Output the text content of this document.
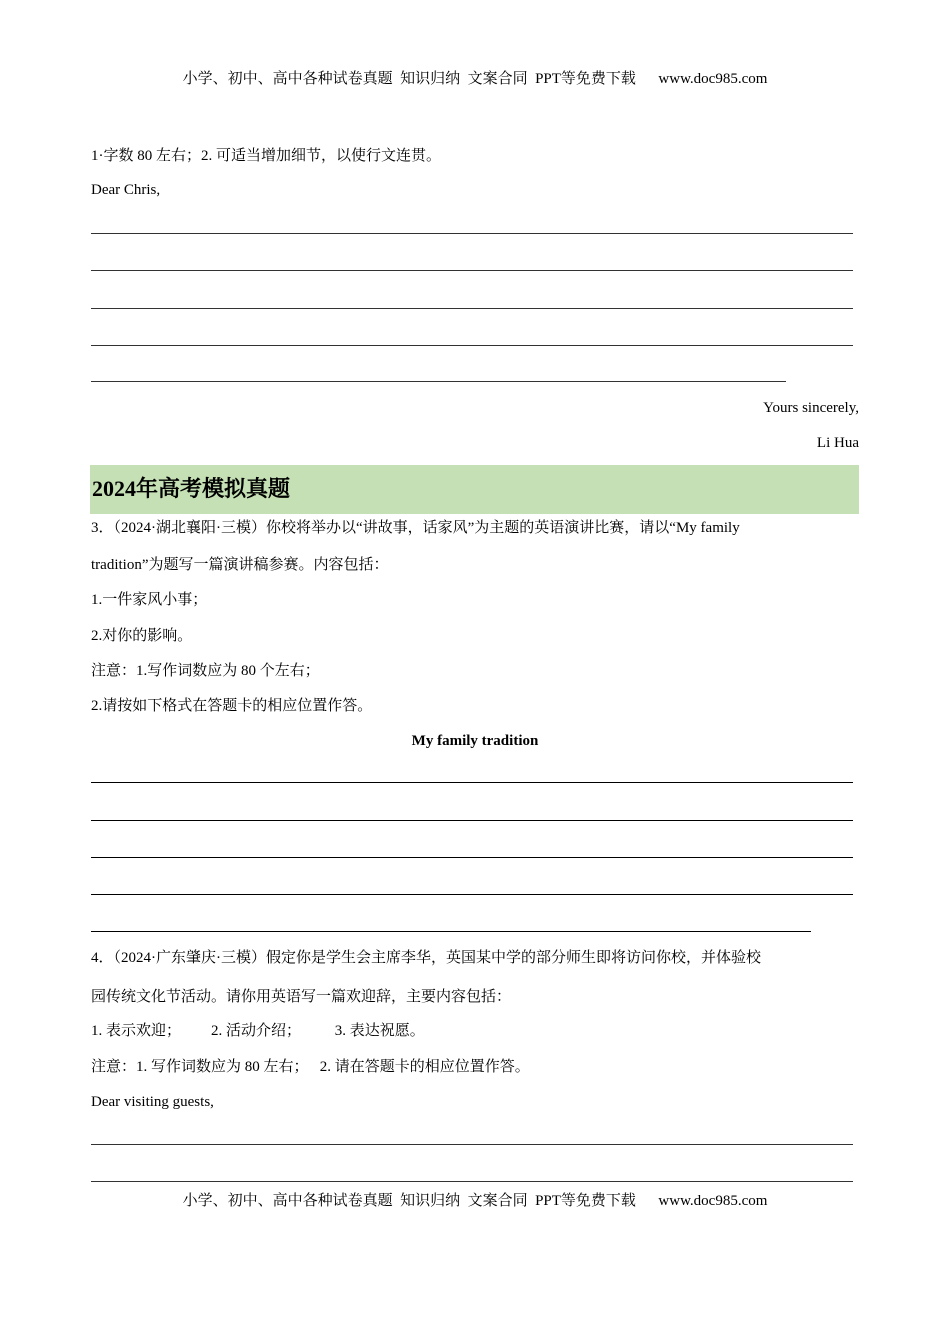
小学、初中、高中各种试卷真题  知识归纳  文案合同  PPT等免费下载      www.doc985.com
1·字数 80 左右；2. 可适当增加细节，以使行文连贯。
Dear Chris,
Yours sincerely,
Li Hua
2024年高考模拟真题
3．（2024·湖北襄阳·三模）你校将举办以“讲故事，话家风”为主题的英语演讲比赛，请以“My family
tradition”为题写一篇演讲稿参赛。内容包括：
1.一件家风小事；
2.对你的影响。
注意：1.写作词数应为 80 个左右；
2.请按如下格式在答题卡的相应位置作答。
My family tradition
4．（2024·广东肇庆·三模）假定你是学生会主席李华，英国某中学的部分师生即将访问你校，并体验校
园传统文化节活动。请你用英语写一篇欢迎辞，主要内容包括：
1. 表示欢迎；        2. 活动介绍；         3. 表达祝愿。
注意：1. 写作词数应为 80 左右；   2. 请在答题卡的相应位置作答。
Dear visiting guests,
小学、初中、高中各种试卷真题  知识归纳  文案合同  PPT等免费下载      www.doc985.com
